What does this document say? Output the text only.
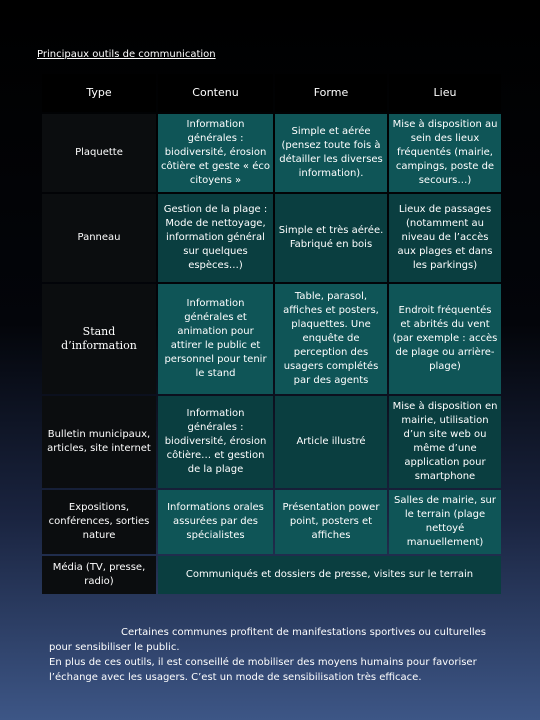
Principaux outils de communication
Type	Contenu	Forme	Lieu
Plaquette	Information générales : biodiversité, érosion côtière et geste « éco citoyens »	Simple et aérée (pensez toute fois à détailler les diverses information).	Mise à disposition au sein des lieux fréquentés (mairie, campings, poste de secours…)
Panneau	Gestion de la plage : Mode de nettoyage, information général sur quelques espèces…)	Simple et très aérée. Fabriqué en bois	Lieux de passages (notamment au niveau de l’accès aux plages et dans les parkings)
Stand d’information	Information générales et animation pour attirer le public et personnel pour tenir le stand	Table, parasol, affiches et posters, plaquettes. Une enquête de perception des usagers complétés par des agents	Endroit fréquentés et abrités du vent (par exemple : accès de plage ou arrière-plage)
Bulletin municipaux, articles, site internet	Information générales : biodiversité, érosion côtière… et gestion de la plage	Article illustré	Mise à disposition en mairie, utilisation d’un site web ou même d’une application pour smartphone
Expositions, conférences, sorties nature	Informations orales assurées par des spécialistes	Présentation power point, posters et affiches	Salles de mairie, sur le terrain (plage nettoyé manuellement)
Média (TV, presse, radio)	Communiqués et dossiers de presse, visites sur le terrain		

Certaines communes profitent de manifestations sportives ou culturelles pour sensibiliser le public.

En plus de ces outils, il est conseillé de mobiliser des moyens humains pour favoriser l’échange avec les usagers. C’est un mode de sensibilisation très efficace.
